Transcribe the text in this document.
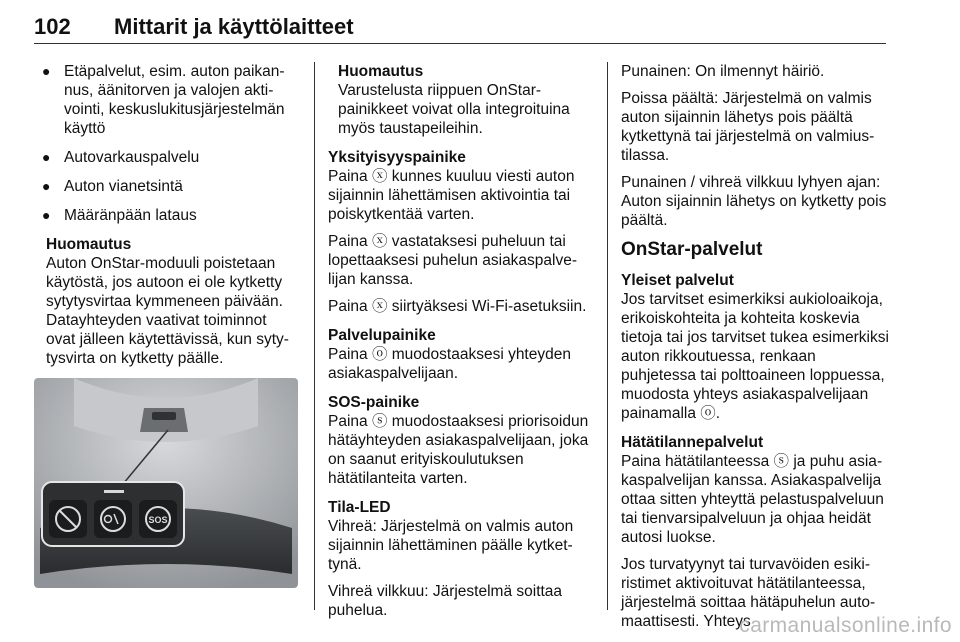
102 Mittarit ja käyttölaitteet
● Etäpalvelut, esim. auton paikannus, äänitorven ja valojen aktivointi, keskuslukitusjärjestelmän käyttö
● Autovarkauspalvelu
● Auton vianetsintä
● Määränpään lataus
Huomautus
Auton OnStar-moduuli poistetaan käytöstä, jos autoon ei ole kytketty sytytysvirtaa kymmeneen päivään. Datayhteyden vaativat toiminnot ovat jälleen käytettävissä, kun sytytysvirta on kytketty päälle.
SOS
Huomautus
Varustelusta riippuen OnStar-painikkeet voivat olla integroituina myös taustapeileihin.
Yksityisyyspainike
Paina ⓧ kunnes kuuluu viesti auton sijainnin lähettämisen aktivointia tai poiskytkentää varten.
Paina ⓧ vastataksesi puheluun tai lopettaaksesi puhelun asiakaspalvelijan kanssa.
Paina ⓧ siirtyäksesi Wi-Fi-asetuksiin.
Palvelupainike
Paina ⓞ muodostaaksesi yhteyden asiakaspalvelijaan.
SOS-painike
Paina ⓢ muodostaaksesi priorisoidun hätäyhteyden asiakaspalvelijaan, joka on saanut erityiskoulutuksen hätätilanteita varten.
Tila-LED
Vihreä: Järjestelmä on valmis auton sijainnin lähettäminen päälle kytkettynä.
Vihreä vilkkuu: Järjestelmä soittaa puhelua.
Punainen: On ilmennyt häiriö.
Poissa päältä: Järjestelmä on valmis auton sijainnin lähetys pois päältä kytkettynä tai järjestelmä on valmiustilassa.
Punainen / vihreä vilkkuu lyhyen ajan: Auton sijainnin lähetys on kytketty pois päältä.
OnStar-palvelut
Yleiset palvelut
Jos tarvitset esimerkiksi aukioloaikoja, erikoiskohteita ja kohteita koskevia tietoja tai jos tarvitset tukea esimerkiksi auton rikkoutuessa, renkaan puhjetessa tai polttoaineen loppuessa, muodosta yhteys asiakaspalvelijaan painamalla ⓞ.
Hätätilannepalvelut
Paina hätätilanteessa ⓢ ja puhu asiakaspalvelijan kanssa. Asiakaspalvelija ottaa sitten yhteyttä pelastuspalveluun tai tienvarsipalveluun ja ohjaa heidät autosi luokse.
Jos turvatyynyt tai turvavöiden esikiristimet aktivoituvat hätätilanteessa, järjestelmä soittaa hätäpuhelun automaattisesti. Yhteys
carmanualsonline.info
